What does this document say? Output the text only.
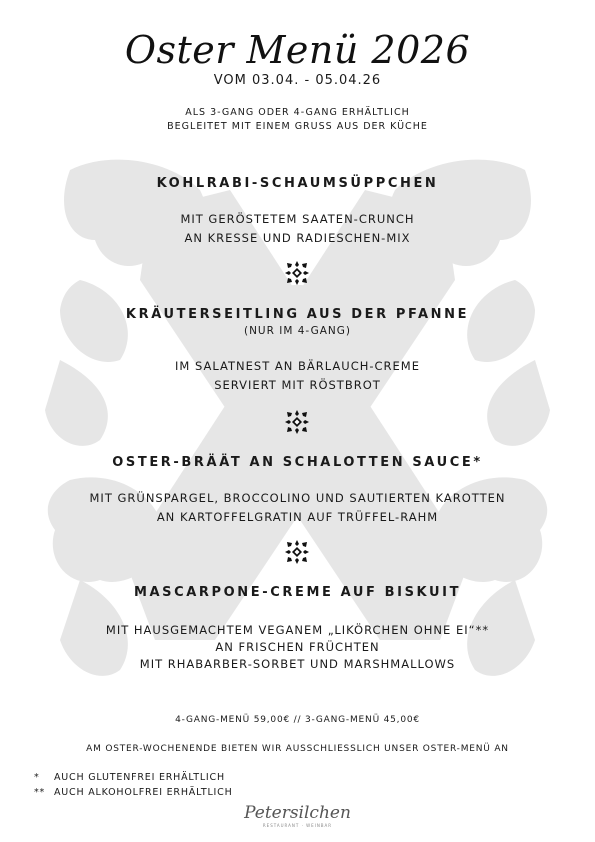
Oster Menü 2026
VOM 03.04. - 05.04.26
ALS 3-GANG ODER 4-GANG ERHÄLTLICH
BEGLEITET MIT EINEM GRUSS AUS DER KÜCHE
KOHLRABI-SCHAUMSÜPPCHEN
MIT GERÖSTETEM SAATEN-CRUNCH
AN KRESSE UND RADIESCHEN-MIX
KRÄUTERSEITLING AUS DER PFANNE
(NUR IM 4-GANG)
IM SALATNEST AN BÄRLAUCH-CREME
SERVIERT MIT RÖSTBROT
OSTER-BRÄÄT AN SCHALOTTEN SAUCE*
MIT GRÜNSPARGEL, BROCCOLINO UND SAUTIERTEN KAROTTEN
AN KARTOFFELGRATIN AUF TRÜFFEL-RAHM
MASCARPONE-CREME AUF BISKUIT
MIT HAUSGEMACHTEM VEGANEM „LIKÖRCHEN OHNE EI“**
AN FRISCHEN FRÜCHTEN
MIT RHABARBER-SORBET UND MARSHMALLOWS
4-GANG-MENÜ 59,00€ // 3-GANG-MENÜ 45,00€
AM OSTER-WOCHENENDE BIETEN WIR AUSSCHLIESSLICH UNSER OSTER-MENÜ AN
* AUCH GLUTENFREI ERHÄLTLICH
** AUCH ALKOHOLFREI ERHÄLTLICH
Petersilchen
RESTAURANT · WEINBAR
